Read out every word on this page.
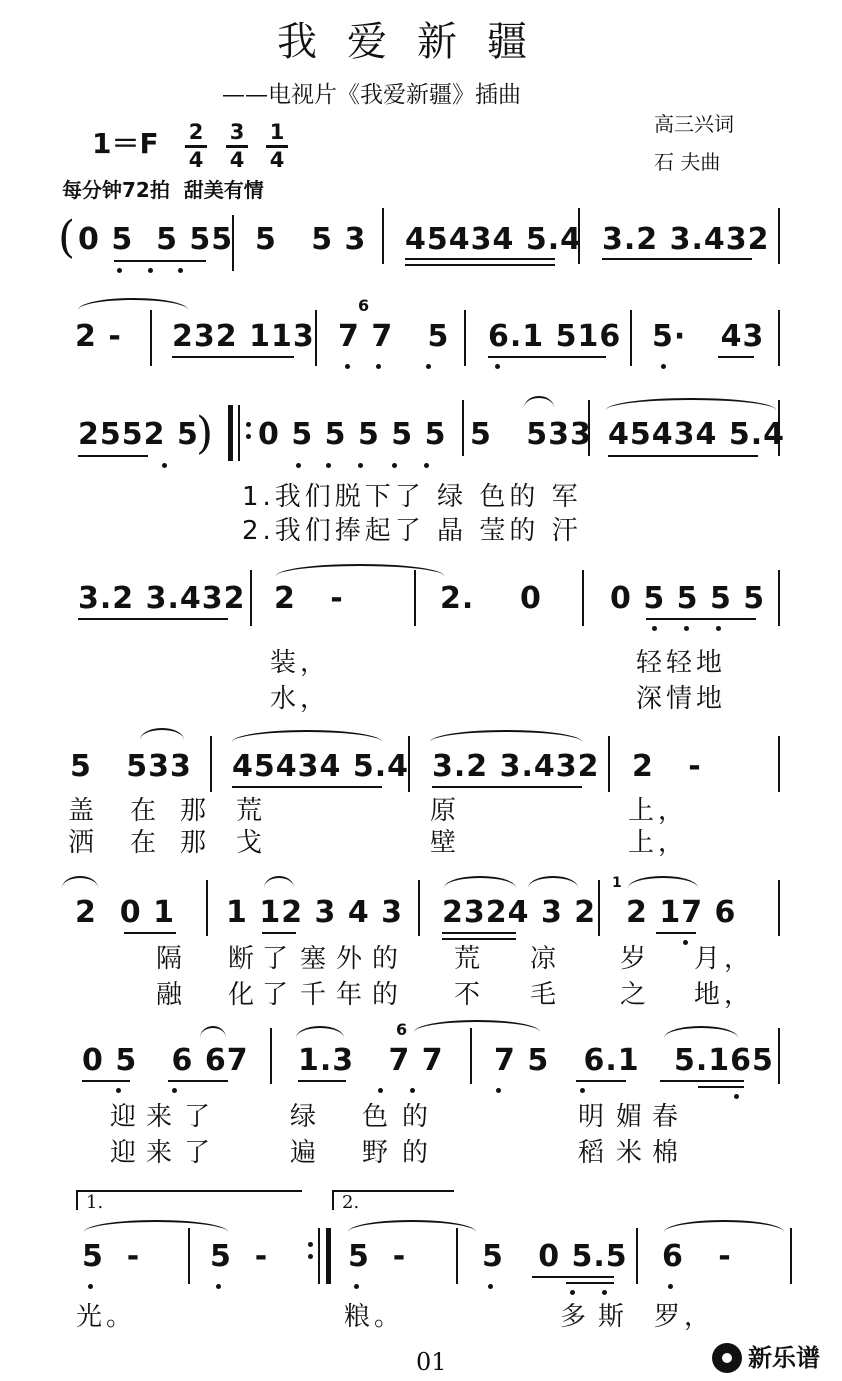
我爱新疆
——电视片《我爱新疆》插曲
高三兴词
石 夫曲
1＝F 2
4
3
4
1
4
每分钟72拍  甜美有情
( 0 5  5 55 5   5 3 45434 5.4 3.2 3.432
2 - 232 113
6
7 7   5 6.1 516 5·   43
2552 5
) 0 5 5 5 5 5 5   533 45434 5.4
1.我们脱下了 绿 色的 军
2.我们捧起了 晶 莹的 汗
3.2 3.432 2   -	2.    0 0 5 5 5 5
装，	轻轻地
水，	深情地
5   533 45434 5.4 3.2 3.432 2   -
盖 在 那 荒	原	上，
洒 在 那 戈	壁	上，
2  0 1 1 12 3 4 3 2324 3 2
1
2 17 6
隔 断 了 塞 外 的 荒 凉 岁 月，
融 化 了 千 年 的 不 毛 之 地，
0 5   6 67
6
1.3   7 7 7 5   6.1   5.165
迎 来 了	绿 色 的	明 媚 春
迎 来 了	遍 野 的	稻 米 棉
1.	2.
5  - 5  -	5  -	5   0 5.5 6   -
光。	粮。	多 斯 罗，
01	新乐谱
